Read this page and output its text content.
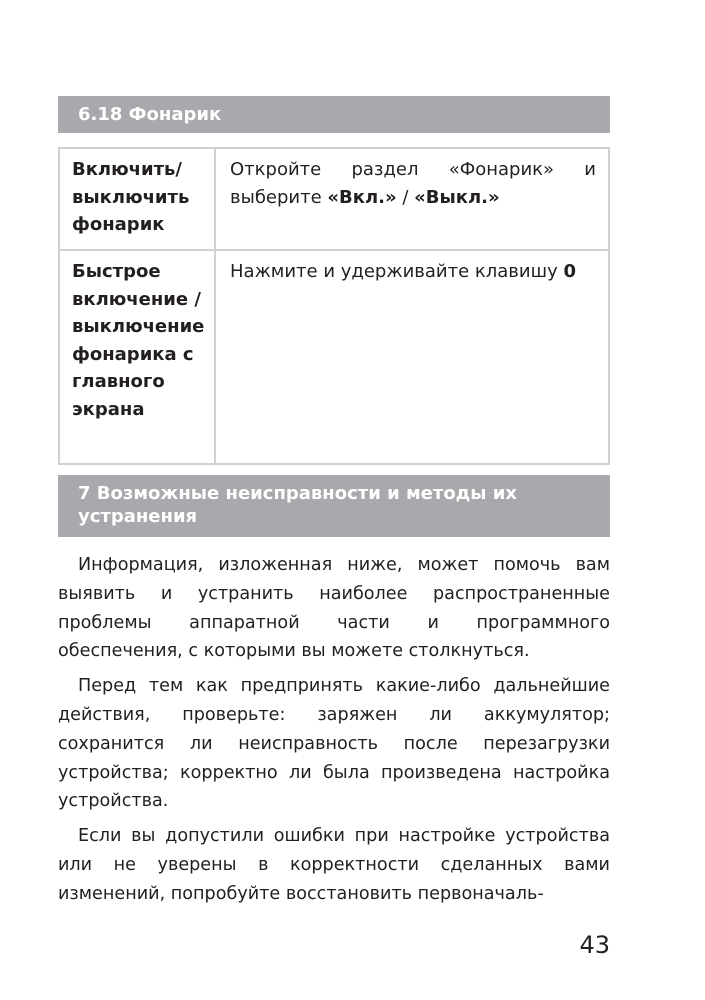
6.18 Фонарик
Включить/ выключить фонарик	Откройте раздел «Фонарик» и выберите «Вкл.» / «Выкл.»
Быстрое включение / выключение фонарика с главного экрана	Нажмите и удерживайте клавишу 0
7 Возможные неисправности и методы их устранения

Информация, изложенная ниже, может помочь вам выявить и устранить наиболее распространенные проблемы аппаратной части и программного обеспечения, с которыми вы можете столкнуться.

Перед тем как предпринять какие-либо дальнейшие действия, проверьте: заряжен ли аккумулятор; сохранится ли неисправность после перезагрузки устройства; корректно ли была произведена настройка устройства.

Если вы допустили ошибки при настройке устройства или не уверены в корректности сделанных вами изменений, попробуйте восстановить первоначаль-

43
